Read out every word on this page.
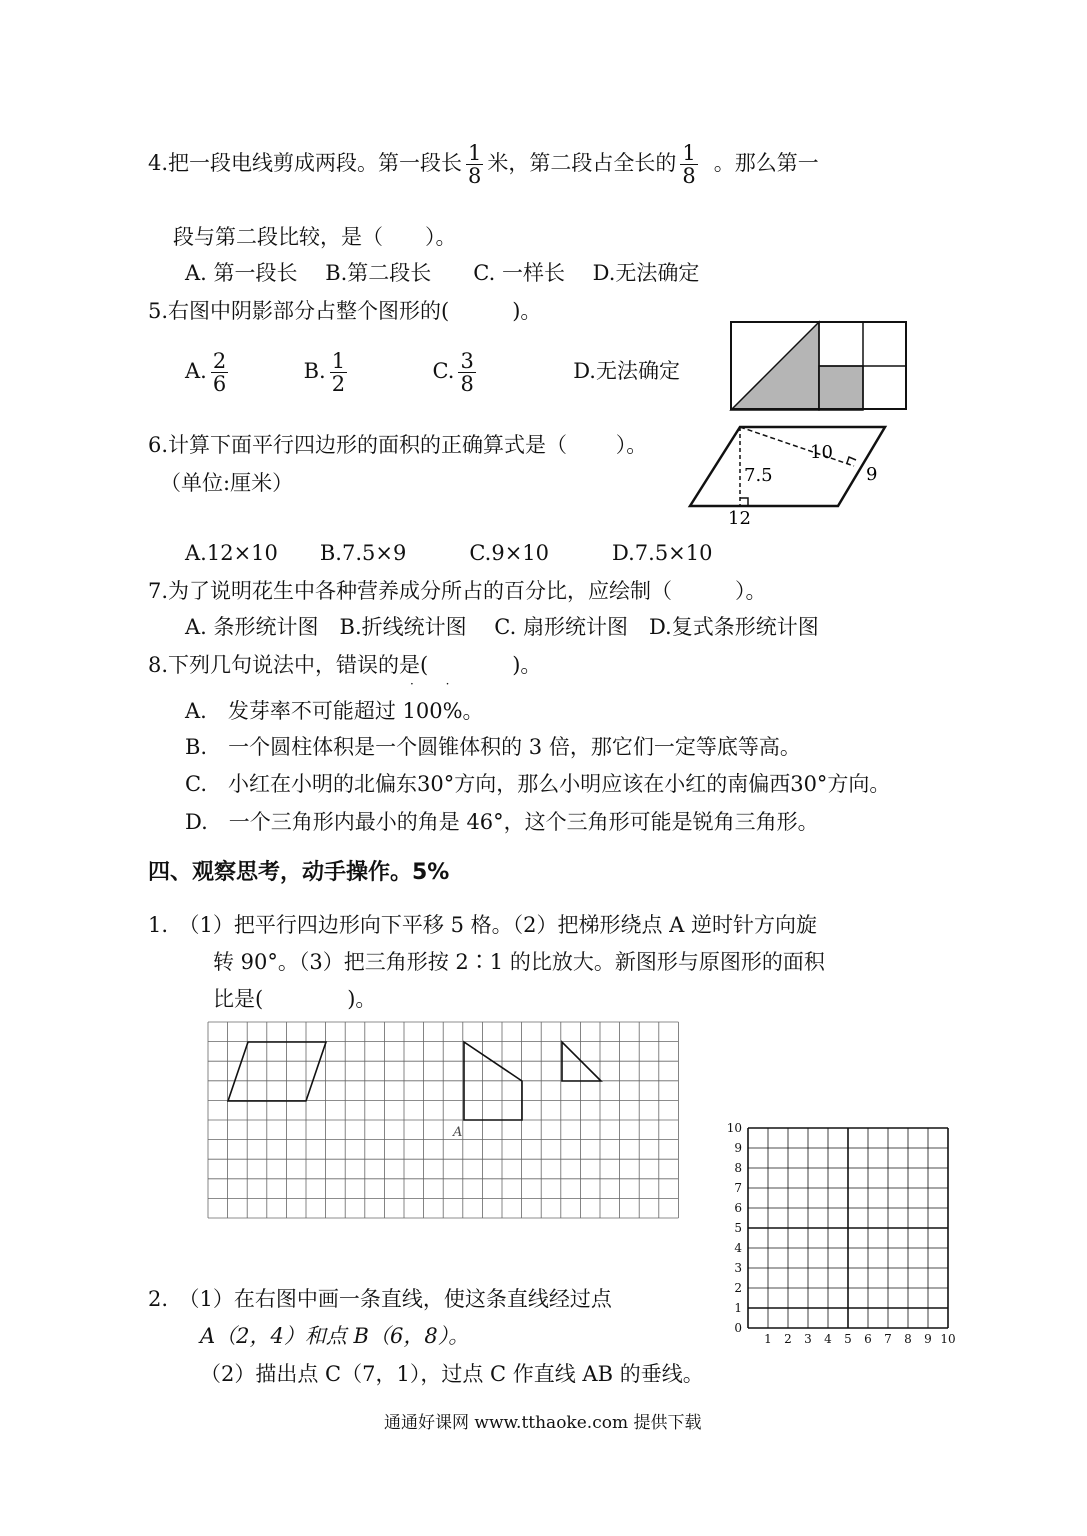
4.把一段电线剪成两段。第一段长 $\frac{1}{8}$ 米，第二段占全长的 $\frac{1}{8}$ 。那么第一
段与第二段比较，是（　　）。
A. 第一段长　 B.第二段长　　C. 一样长　 D.无法确定
5.右图中阴影部分占整个图形的(　　　)。
A. $\frac{2}{6}$	B. $\frac{1}{2}$	C. $\frac{3}{8}$	D.无法确定
6.计算下面平行四边形的面积的正确算式是（　　 ）。
（单位:厘米）
10
7.5	9
12
A.12×10　　B.7.5×9　　　C.9×10　　　D.7.5×10
7.为了说明花生中各种营养成分所占的百分比，应绘制（　　　）。
A. 条形统计图　B.折线统计图　 C. 扇形统计图　D.复式条形统计图
8.下列几句说法中，错误的是(　　　　)。
· ·
A.　发芽率不可能超过 100%。
B.　一个圆柱体积是一个圆锥体积的 3 倍，那它们一定等底等高。
C.　小红在小明的北偏东30°方向，那么小明应该在小红的南偏西30°方向。
D.　一个三角形内最小的角是 46°，这个三角形可能是锐角三角形。
四、观察思考，动手操作。5%
1.　（1）把平行四边形向下平移 5 格。（2）把梯形绕点 A 逆时针方向旋
转 90°。（3）把三角形按 2∶1 的比放大。新图形与原图形的面积
比是(　　　　)。
A
0
1
1
2
2
3
3
4
4
5
5
6
6
7
7
8
8
9
9
10
10
2.　（1）在右图中画一条直线，使这条直线经过点
A（2，4）和点 B（6，8）。
（2）描出点 C（7，1），过点 C 作直线 AB 的垂线。
通通好课网 www.tthaoke.com 提供下载
